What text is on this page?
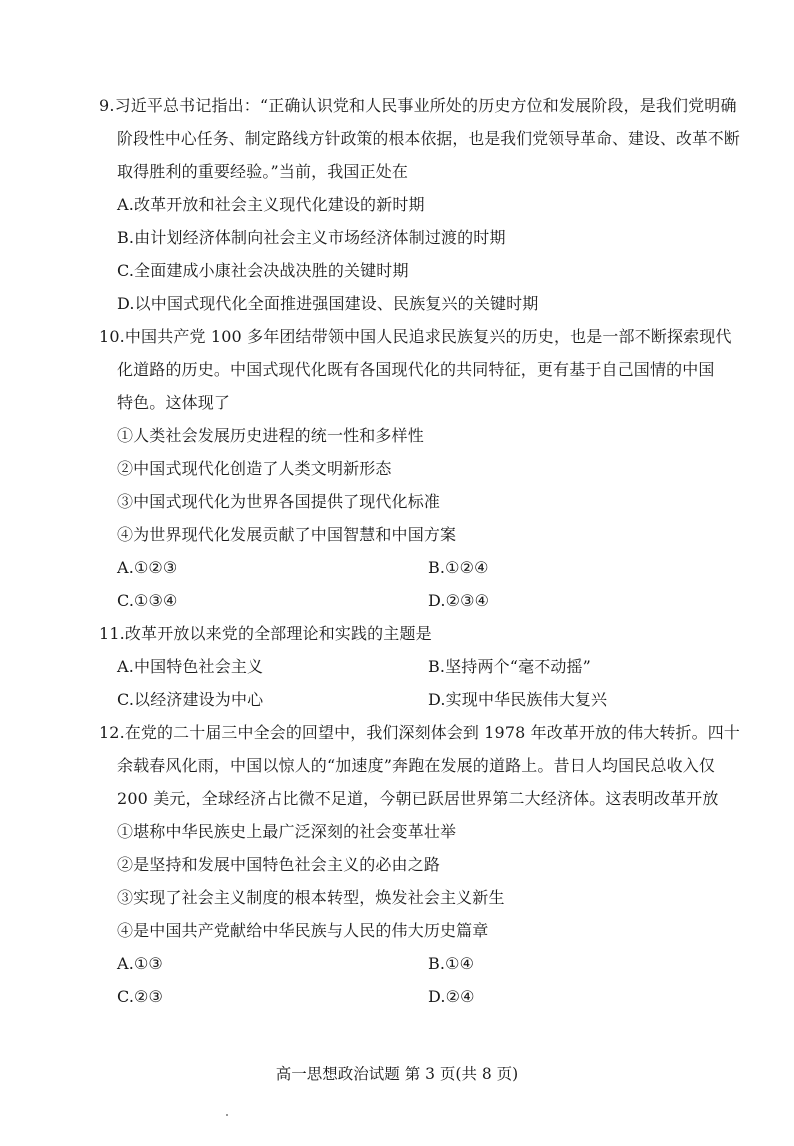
9.习近平总书记指出：“正确认识党和人民事业所处的历史方位和发展阶段，是我们党明确
阶段性中心任务、制定路线方针政策的根本依据，也是我们党领导革命、建设、改革不断
取得胜利的重要经验。”当前，我国正处在
A.改革开放和社会主义现代化建设的新时期
B.由计划经济体制向社会主义市场经济体制过渡的时期
C.全面建成小康社会决战决胜的关键时期
D.以中国式现代化全面推进强国建设、民族复兴的关键时期
10.中国共产党 100 多年团结带领中国人民追求民族复兴的历史，也是一部不断探索现代
化道路的历史。中国式现代化既有各国现代化的共同特征，更有基于自己国情的中国
特色。这体现了
①人类社会发展历史进程的统一性和多样性
②中国式现代化创造了人类文明新形态
③中国式现代化为世界各国提供了现代化标准
④为世界现代化发展贡献了中国智慧和中国方案
A.①②③	B.①②④
C.①③④	D.②③④
11.改革开放以来党的全部理论和实践的主题是
A.中国特色社会主义	B.坚持两个“毫不动摇”
C.以经济建设为中心	D.实现中华民族伟大复兴
12.在党的二十届三中全会的回望中，我们深刻体会到 1978 年改革开放的伟大转折。四十
余载春风化雨，中国以惊人的“加速度”奔跑在发展的道路上。昔日人均国民总收入仅
200 美元，全球经济占比微不足道，今朝已跃居世界第二大经济体。这表明改革开放
①堪称中华民族史上最广泛深刻的社会变革壮举
②是坚持和发展中国特色社会主义的必由之路
③实现了社会主义制度的根本转型，焕发社会主义新生
④是中国共产党献给中华民族与人民的伟大历史篇章
A.①③	B.①④
C.②③	D.②④
高一思想政治试题 第 3 页(共 8 页)
